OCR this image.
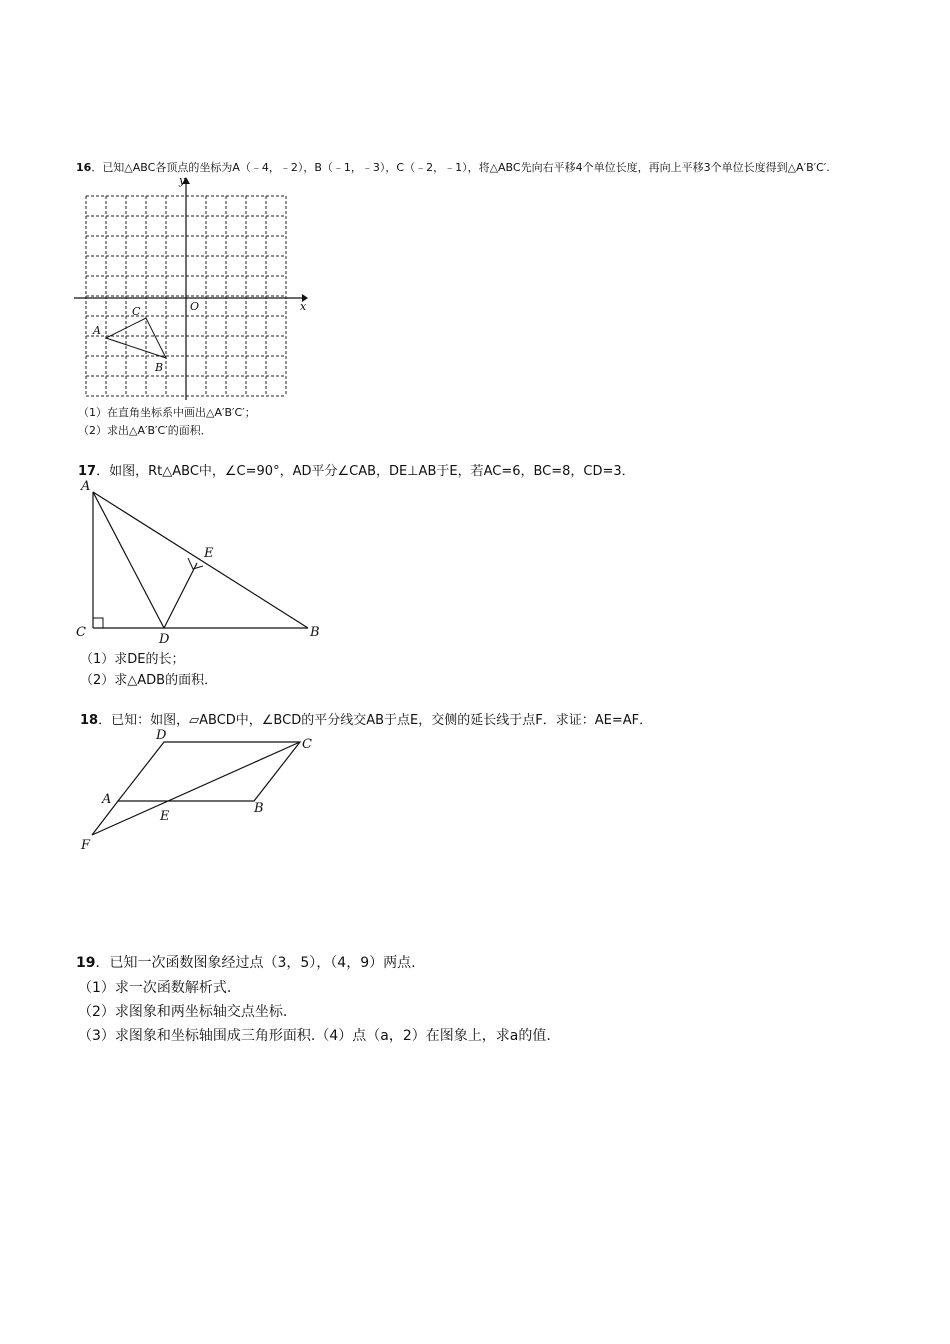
16．已知△ABC各顶点的坐标为A（﹣4，﹣2），B（﹣1，﹣3），C（﹣2，﹣1），将△ABC先向右平移4个单位长度，再向上平移3个单位长度得到△A′B′C′.
x
y
O
A
B
C
（1）在直角坐标系中画出△A′B′C′；
（2）求出△A′B′C′的面积．
17．如图，Rt△ABC中，∠C=90°，AD平分∠CAB，DE⊥AB于E，若AC=6，BC=8，CD=3．
A
C	D	B
E
（1）求DE的长；
（2）求△ADB的面积．
18．已知：如图，▱ABCD中，∠BCD的平分线交AB于点E，交侧的延长线于点F．求证：AE=AF．
D
C
A
B
E
F
19．已知一次函数图象经过点（3，5），（4，9）两点.
（1）求一次函数解析式.
（2）求图象和两坐标轴交点坐标.
（3）求图象和坐标轴围成三角形面积.（4）点（a，2）在图象上，求a的值.
